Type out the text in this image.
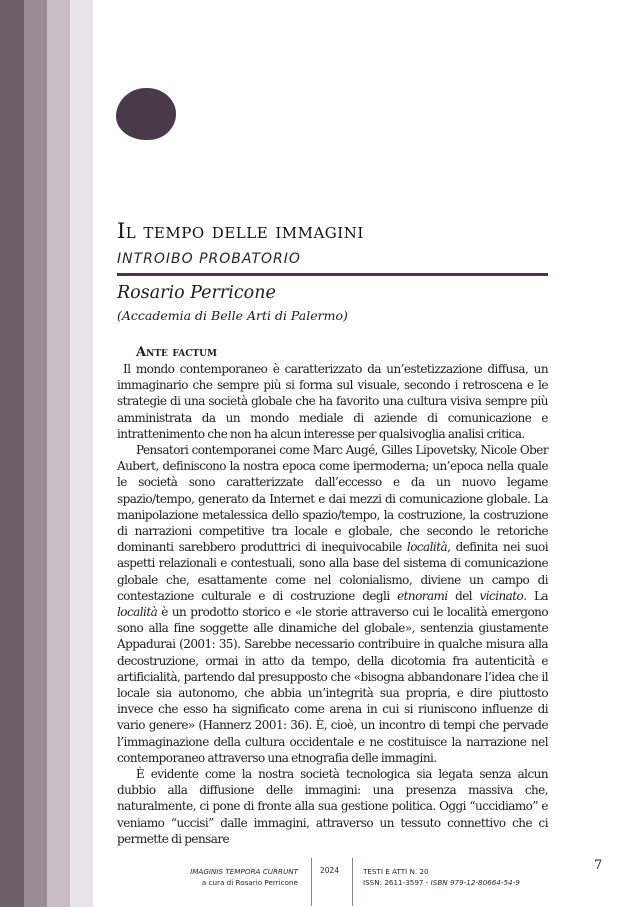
Il tempo delle immagini
INTROIBO PROBATORIO
Rosario Perricone
(Accademia di Belle Arti di Palermo)
Ante factum

Il mondo contemporaneo è caratterizzato da un’estetizzazione diffusa, un immaginario che sempre più si forma sul visuale, secondo i retroscena e le strategie di una società globale che ha favorito una cultura visiva sempre più amministrata da un mondo mediale di aziende di comunicazione e intrattenimento che non ha alcun interesse per qualsivoglia analisi critica.

Pensatori contemporanei come Marc Augé, Gilles Lipovetsky, Nicole Ober Aubert, definiscono la nostra epoca come ipermoderna; un’epoca nella quale le società sono caratterizzate dall’eccesso e da un nuovo legame spazio/tempo, generato da Internet e dai mezzi di comunicazione globale. La manipolazione metalessica dello spazio/tempo, la costruzione, la costruzione di narrazioni competitive tra locale e globale, che secondo le retoriche dominanti sarebbero produttrici di inequivocabile località, definita nei suoi aspetti relazionali e contestuali, sono alla base del sistema di comunicazione globale che, esattamente come nel colonialismo, diviene un campo di contestazione culturale e di costruzione degli etnorami del vicinato. La località è un prodotto storico e «le storie attraverso cui le località emergono sono alla fine soggette alle dinamiche del globale», sentenzia giustamente Appadurai (2001: 35). Sarebbe necessario contribuire in qualche misura alla decostruzione, ormai in atto da tempo, della dicotomia fra autenticità e artificialità, partendo dal presupposto che «bisogna abbandonare l’idea che il locale sia autonomo, che abbia un’integrità sua propria, e dire piuttosto invece che esso ha significato come arena in cui si riuniscono influenze di vario genere» (Hannerz 2001: 36). È, cioè, un incontro di tempi che pervade l’immaginazione della cultura occidentale e ne costituisce la narrazione nel contemporaneo attraverso una etnografia delle immagini.

È evidente come la nostra società tecnologica sia legata senza alcun dubbio alla diffusione delle immagini: una presenza massiva che, naturalmente, ci pone di fronte alla sua gestione politica. Oggi “uccidiamo” e veniamo “uccisi” dalle immagini, attraverso un tessuto connettivo che ci permette di pensare

IMAGINIS TEMPORA CURRUNT
a cura di Rosario Perricone
2024	TESTI E ATTI N. 20
ISSN: 2611-3597 - ISBN 979-12-80664-54-9
7
